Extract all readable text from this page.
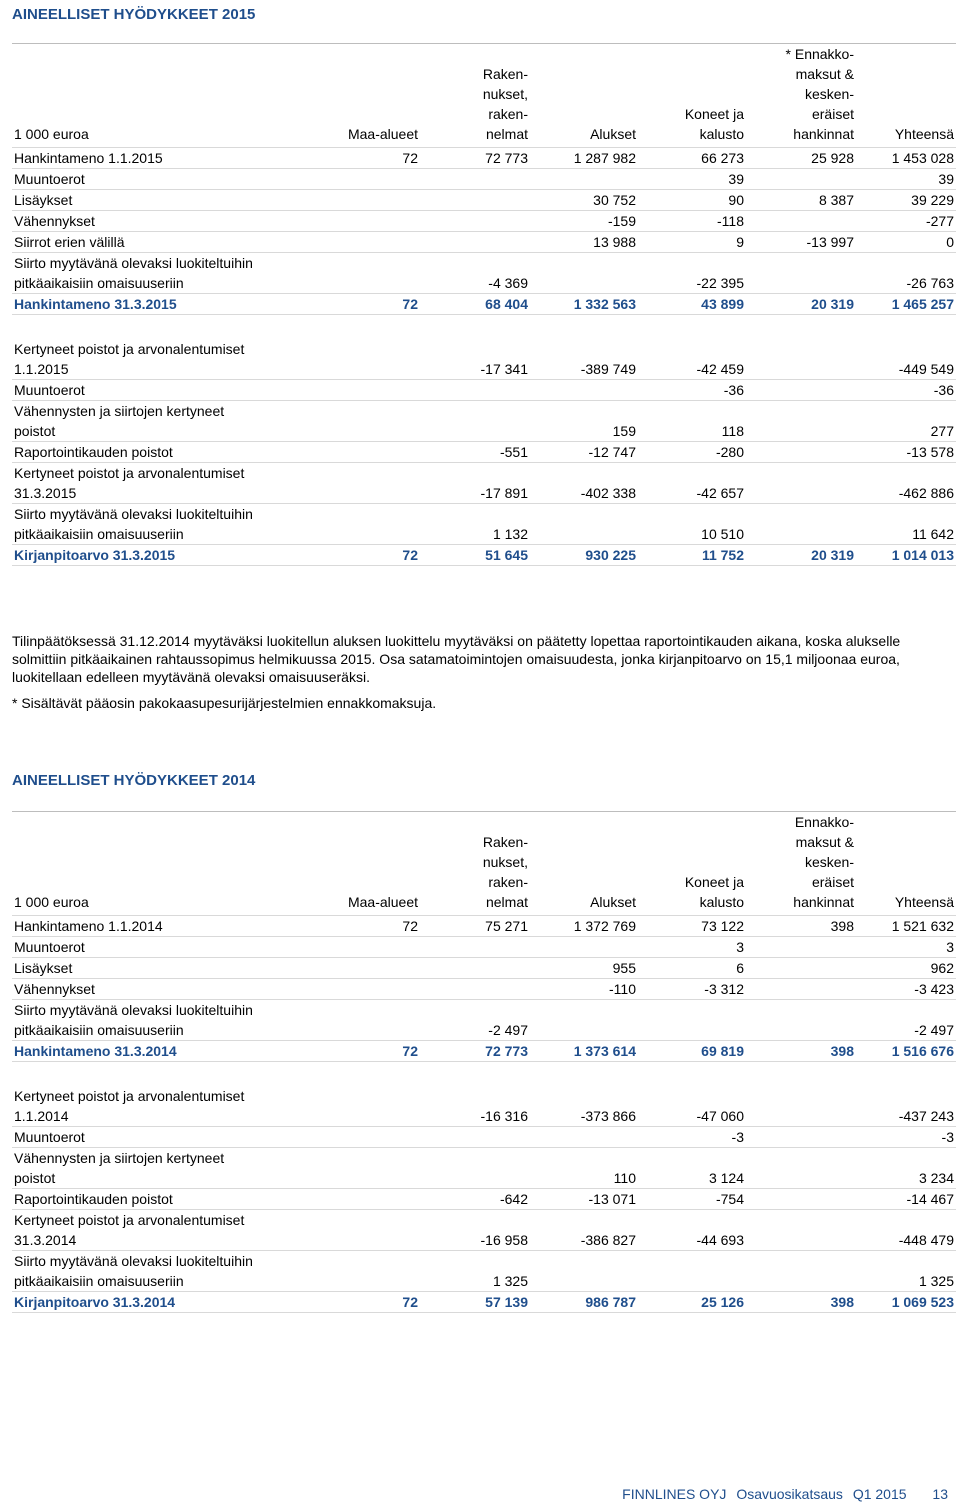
AINEELLISET HYÖDYKKEET 2015
1 000 euroa	Maa-alueet	Raken-
nukset,
raken-
nelmat	Alukset	Koneet ja
kalusto	* Ennakko-
maksut &
kesken-
eräiset
hankinnat	Yhteensä
Hankintameno 1.1.2015	72	72 773	1 287 982	66 273	25 928	1 453 028
Muuntoerot				39		39
Lisäykset			30 752	90	8 387	39 229
Vähennykset			-159	-118		-277
Siirrot erien välillä			13 988	9	-13 997	0
Siirto myytävänä olevaksi luokiteltuihin
pitkäaikaisiin omaisuuseriin		-4 369		-22 395		-26 763
Hankintameno 31.3.2015	72	68 404	1 332 563	43 899	20 319	1 465 257

Kertyneet poistot ja arvonalentumiset
1.1.2015		-17 341	-389 749	-42 459		-449 549
Muuntoerot				-36		-36
Vähennysten ja siirtojen kertyneet
poistot			159	118		277
Raportointikauden poistot		-551	-12 747	-280		-13 578
Kertyneet poistot ja arvonalentumiset
31.3.2015		-17 891	-402 338	-42 657		-462 886
Siirto myytävänä olevaksi luokiteltuihin
pitkäaikaisiin omaisuuseriin		1 132		10 510		11 642
Kirjanpitoarvo 31.3.2015	72	51 645	930 225	11 752	20 319	1 014 013

Tilinpäätöksessä 31.12.2014 myytäväksi luokitellun aluksen luokittelu myytäväksi on päätetty lopettaa raportointikauden aikana, koska alukselle solmittiin pitkäaikainen rahtaussopimus helmikuussa 2015. Osa satamatoimintojen omaisuudesta, jonka kirjanpitoarvo on 15,1 miljoonaa euroa, luokitellaan edelleen myytävänä olevaksi omaisuuseräksi.

* Sisältävät pääosin pakokaasupesurijärjestelmien ennakkomaksuja.

AINEELLISET HYÖDYKKEET 2014
1 000 euroa	Maa-alueet	Raken-
nukset,
raken-
nelmat	Alukset	Koneet ja
kalusto	Ennakko-
maksut &
kesken-
eräiset
hankinnat	Yhteensä
Hankintameno 1.1.2014	72	75 271	1 372 769	73 122	398	1 521 632
Muuntoerot				3		3
Lisäykset			955	6		962
Vähennykset			-110	-3 312		-3 423
Siirto myytävänä olevaksi luokiteltuihin
pitkäaikaisiin omaisuuseriin		-2 497				-2 497
Hankintameno 31.3.2014	72	72 773	1 373 614	69 819	398	1 516 676

Kertyneet poistot ja arvonalentumiset
1.1.2014		-16 316	-373 866	-47 060		-437 243
Muuntoerot				-3		-3
Vähennysten ja siirtojen kertyneet
poistot			110	3 124		3 234
Raportointikauden poistot		-642	-13 071	-754		-14 467
Kertyneet poistot ja arvonalentumiset
31.3.2014		-16 958	-386 827	-44 693		-448 479
Siirto myytävänä olevaksi luokiteltuihin
pitkäaikaisiin omaisuuseriin		1 325				1 325
Kirjanpitoarvo 31.3.2014	72	57 139	986 787	25 126	398	1 069 523
FINNLINES OYJ Osavuosikatsaus Q1 2015 13
